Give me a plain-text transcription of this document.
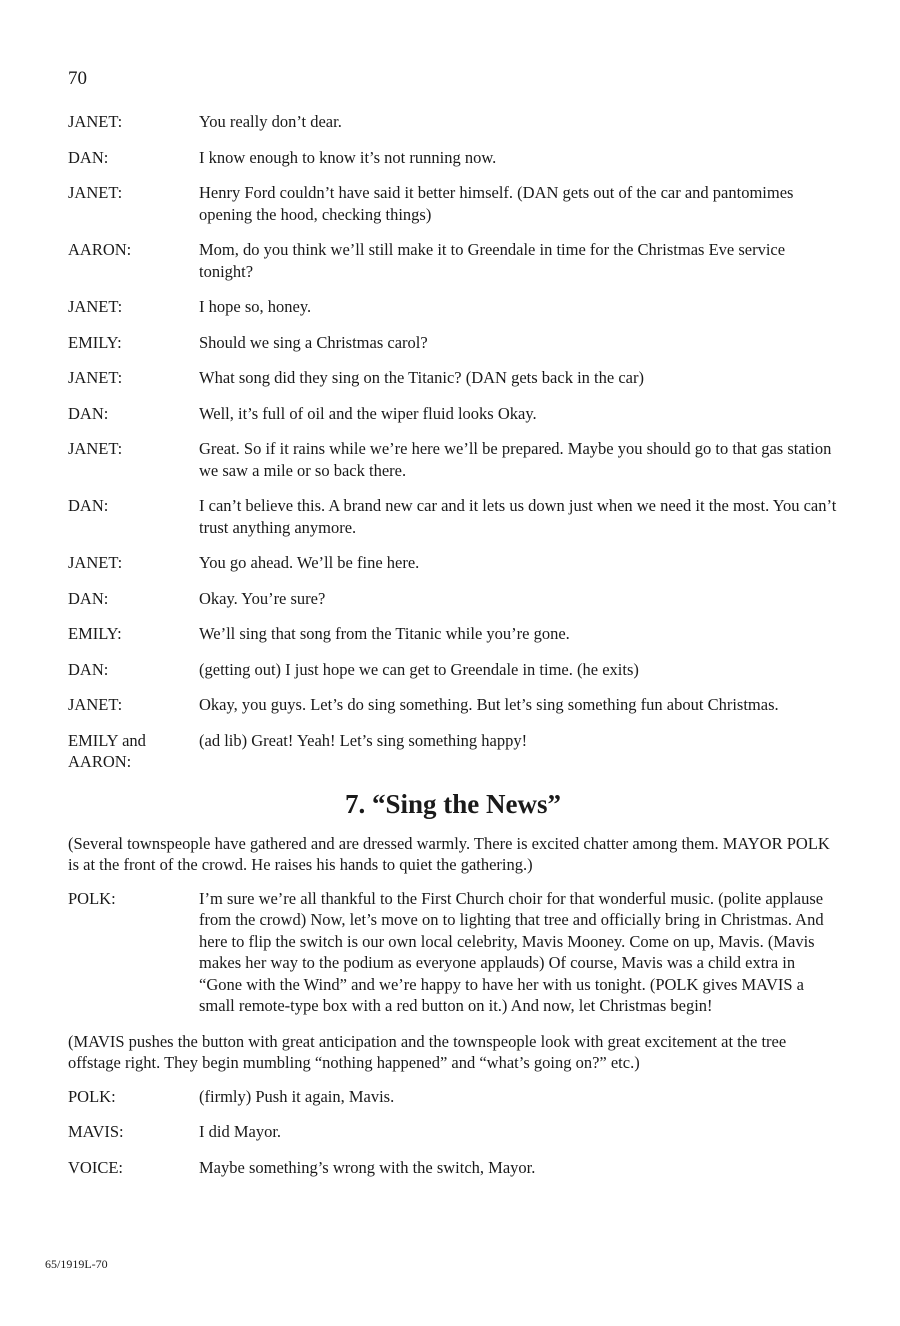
70
JANET:	You really don’t dear.
DAN:	I know enough to know it’s not running now.
JANET:	Henry Ford couldn’t have said it better himself. (DAN gets out of the car and pantomimes opening the hood, checking things)
AARON:	Mom, do you think we’ll still make it to Greendale in time for the Christmas Eve service tonight?
JANET:	I hope so, honey.
EMILY:	Should we sing a Christmas carol?
JANET:	What song did they sing on the Titanic? (DAN gets back in the car)
DAN:	Well, it’s full of oil and the wiper fluid looks Okay.
JANET:	Great. So if it rains while we’re here we’ll be prepared. Maybe you should go to that gas station we saw a mile or so back there.
DAN:	I can’t believe this. A brand new car and it lets us down just when we need it the most. You can’t trust anything anymore.
JANET:	You go ahead. We’ll be fine here.
DAN:	Okay. You’re sure?
EMILY:	We’ll sing that song from the Titanic while you’re gone.
DAN:	(getting out) I just hope we can get to Greendale in time. (he exits)
JANET:	Okay, you guys. Let’s do sing something. But let’s sing something fun about Christmas.
EMILY and AARON:
(ad lib) Great! Yeah! Let’s sing something happy!
7. “Sing the News”
(Several townspeople have gathered and are dressed warmly. There is excited chatter among them. MAYOR POLK is at the front of the crowd. He raises his hands to quiet the gathering.)
POLK:	I’m sure we’re all thankful to the First Church choir for that wonderful music. (polite applause from the crowd) Now, let’s move on to lighting that tree and officially bring in Christmas. And here to flip the switch is our own local celebrity, Mavis Mooney. Come on up, Mavis. (Mavis makes her way to the podium as everyone applauds) Of course, Mavis was a child extra in “Gone with the Wind” and we’re happy to have her with us tonight. (POLK gives MAVIS a small remote-type box with a red button on it.) And now, let Christmas begin!
(MAVIS pushes the button with great anticipation and the townspeople look with great excitement at the tree offstage right. They begin mumbling “nothing happened” and “what’s going on?” etc.)
POLK:	(firmly) Push it again, Mavis.
MAVIS:	I did Mayor.
VOICE:	Maybe something’s wrong with the switch, Mayor.
65/1919L-70
